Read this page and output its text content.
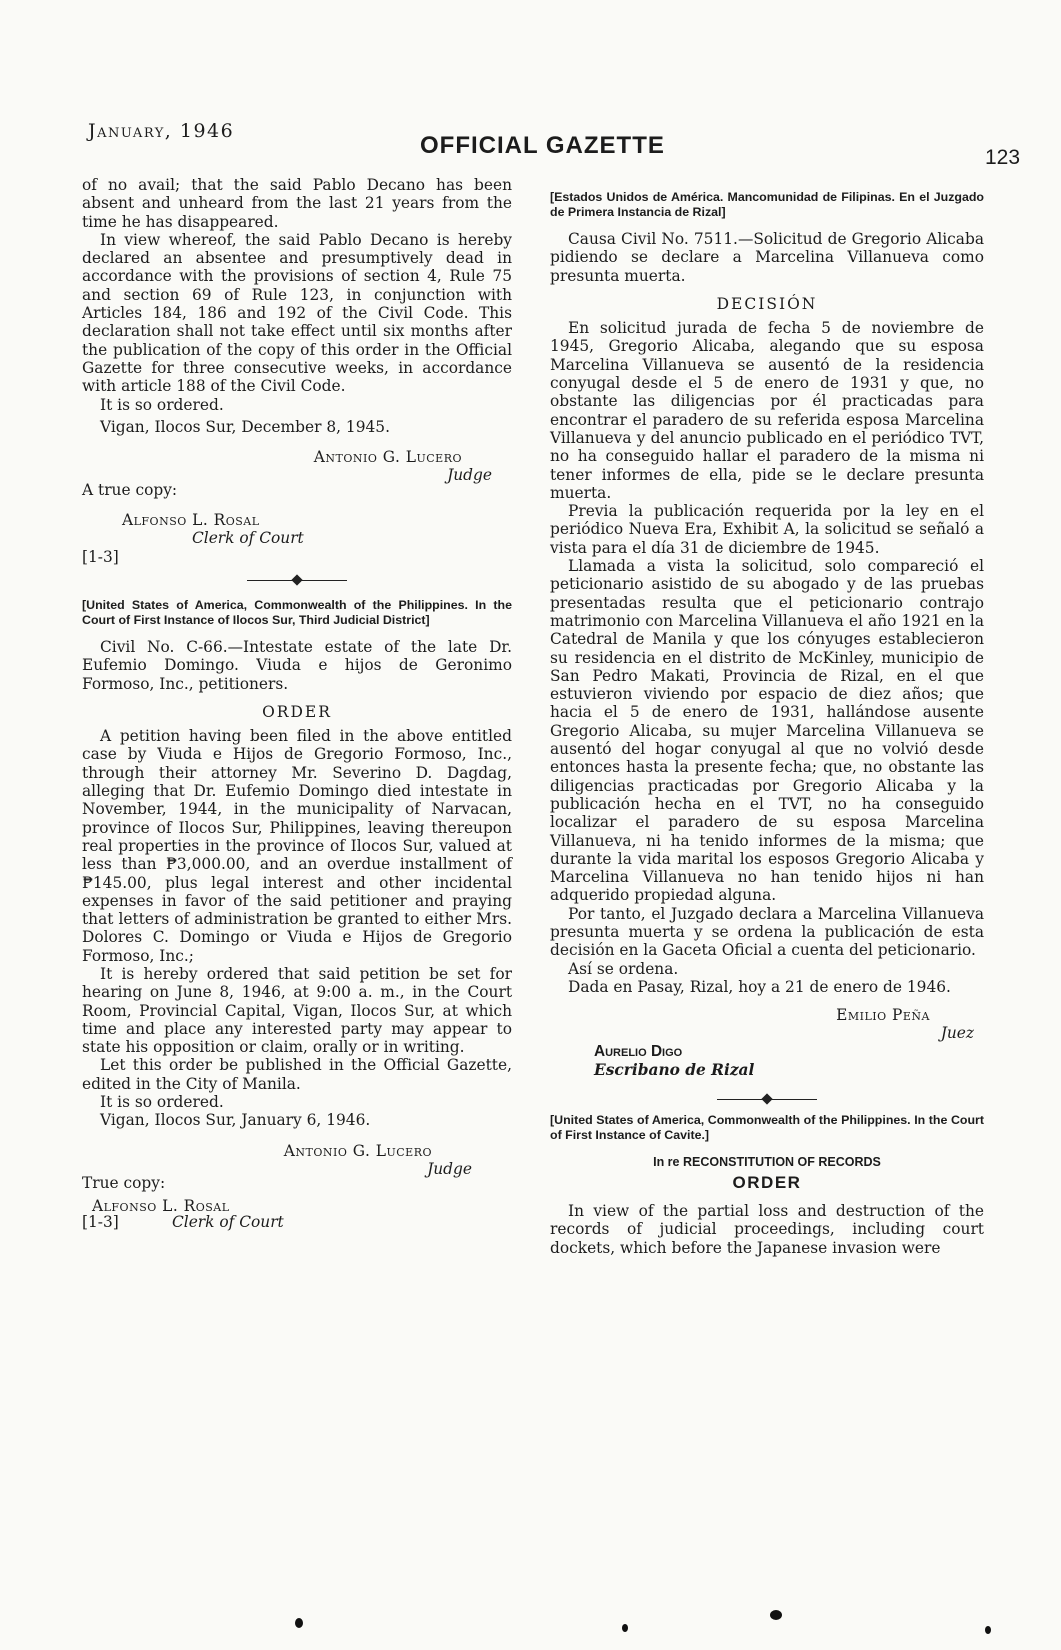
January, 1946
OFFICIAL GAZETTE	123

of no avail; that the said Pablo Decano has been absent and unheard from the last 21 years from the time he has disappeared.

In view whereof, the said Pablo Decano is hereby declared an absentee and presumptively dead in accordance with the provisions of section 4, Rule 75 and section 69 of Rule 123, in conjunction with Articles 184, 186 and 192 of the Civil Code. This declaration shall not take effect until six months after the publication of the copy of this order in the Official Gazette for three consecutive weeks, in accordance with article 188 of the Civil Code.

It is so ordered.

Vigan, Ilocos Sur, December 8, 1945.

Antonio G. Lucero
Judge
A true copy:
Alfonso L. Rosal
Clerk of Court
[1-3]
[United States of America, Commonwealth of the Philippines. In the Court of First Instance of Ilocos Sur, Third Judicial District]

Civil No. C-66.—Intestate estate of the late Dr. Eufemio Domingo. Viuda e hijos de Geronimo Formoso, Inc., petitioners.

ORDER

A petition having been filed in the above entitled case by Viuda e Hijos de Gregorio Formoso, Inc., through their attorney Mr. Severino D. Dagdag, alleging that Dr. Eufemio Domingo died intestate in November, 1944, in the municipality of Narvacan, province of Ilocos Sur, Philippines, leaving thereupon real properties in the province of Ilocos Sur, valued at less than ₱3,000.00, and an overdue installment of ₱145.00, plus legal interest and other incidental expenses in favor of the said petitioner and praying that letters of administration be granted to either Mrs. Dolores C. Domingo or Viuda e Hijos de Gregorio Formoso, Inc.;

It is hereby ordered that said petition be set for hearing on June 8, 1946, at 9:00 a. m., in the Court Room, Provincial Capital, Vigan, Ilocos Sur, at which time and place any interested party may appear to state his opposition or claim, orally or in writing.

Let this order be published in the Official Gazette, edited in the City of Manila.

It is so ordered.

Vigan, Ilocos Sur, January 6, 1946.

Antonio G. Lucero
Judge
True copy:
Alfonso L. Rosal
Clerk of Court
[1-3]
[Estados Unidos de América. Mancomunidad de Filipinas. En el Juzgado de Primera Instancia de Rizal]

Causa Civil No. 7511.—Solicitud de Gregorio Alicaba pidiendo se declare a Marcelina Villanueva como presunta muerta.

DECISIÓN

En solicitud jurada de fecha 5 de noviembre de 1945, Gregorio Alicaba, alegando que su esposa Marcelina Villanueva se ausentó de la residencia conyugal desde el 5 de enero de 1931 y que, no obstante las diligencias por él practicadas para encontrar el paradero de su referida esposa Marcelina Villanueva y del anuncio publicado en el periódico TVT, no ha conseguido hallar el paradero de la misma ni tener informes de ella, pide se le declare presunta muerta.

Previa la publicación requerida por la ley en el periódico Nueva Era, Exhibit A, la solicitud se señaló a vista para el día 31 de diciembre de 1945.

Llamada a vista la solicitud, solo compareció el peticionario asistido de su abogado y de las pruebas presentadas resulta que el peticionario contrajo matrimonio con Marcelina Villanueva el año 1921 en la Catedral de Manila y que los cónyuges establecieron su residencia en el distrito de McKinley, municipio de San Pedro Makati, Provincia de Rizal, en el que estuvieron viviendo por espacio de diez años; que hacia el 5 de enero de 1931, hallándose ausente Gregorio Alicaba, su mujer Marcelina Villanueva se ausentó del hogar conyugal al que no volvió desde entonces hasta la presente fecha; que, no obstante las diligencias practicadas por Gregorio Alicaba y la publicación hecha en el TVT, no ha conseguido localizar el paradero de su esposa Marcelina Villanueva, ni ha tenido informes de la misma; que durante la vida marital los esposos Gregorio Alicaba y Marcelina Villanueva no han tenido hijos ni han adquerido propiedad alguna.

Por tanto, el Juzgado declara a Marcelina Villanueva presunta muerta y se ordena la publicación de esta decisión en la Gaceta Oficial a cuenta del peticionario.

Así se ordena.

Dada en Pasay, Rizal, hoy a 21 de enero de 1946.

Emilio Peña
Juez
Aurelio Digo
Escribano de Rizal
[United States of America, Commonwealth of the Philippines. In the Court of First Instance of Cavite.]
In re RECONSTITUTION OF RECORDS
ORDER

In view of the partial loss and destruction of the records of judicial proceedings, including court dockets, which before the Japanese invasion were
